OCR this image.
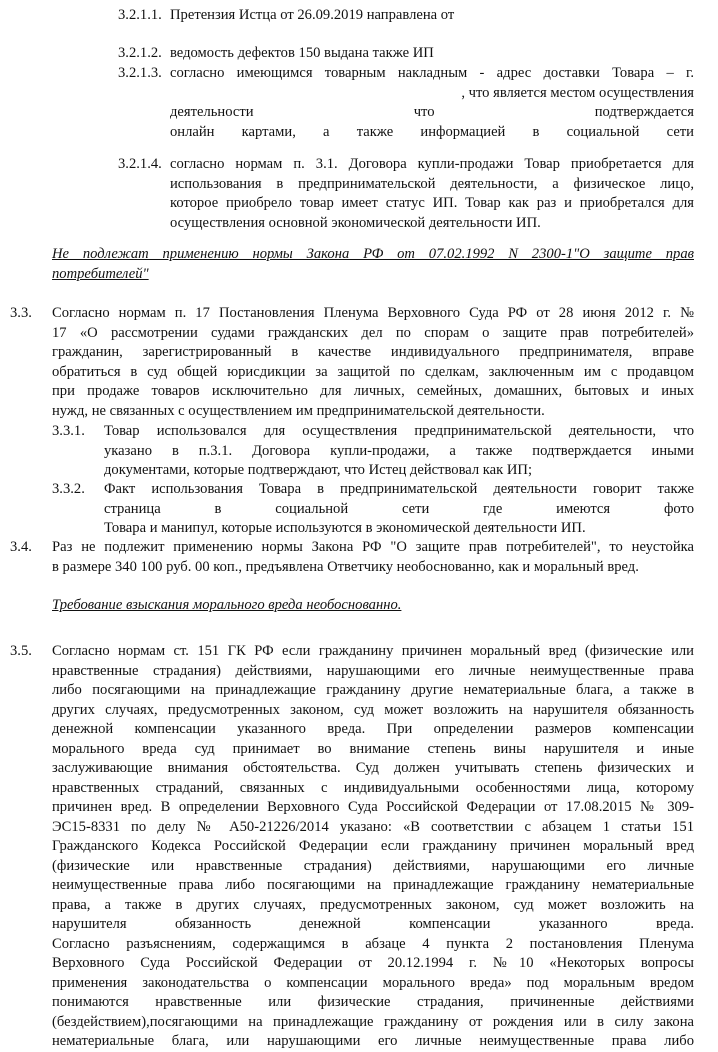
3.2.1.1. Претензия Истца от 26.09.2019 направлена от
3.2.1.2. ведомость дефектов 150 выдана также ИП
3.2.1.3. согласно имеющимся товарным накладным - адрес доставки Товара – г.
, что является местом осуществления
деятельности что подтверждается
онлайн картами, а также информацией в социальной сети
3.2.1.4. согласно нормам п. 3.1. Договора купли-продажи Товар приобретается для
использования в предпринимательской деятельности, а физическое лицо,
которое приобрело товар имеет статус ИП. Товар как раз и приобретался для
осуществления основной экономической деятельности ИП.
Не подлежат применению нормы Закона РФ от 07.02.1992 N 2300-1"О защите прав
потребителей"
3.3. Согласно нормам п. 17 Постановления Пленума Верховного Суда РФ от 28 июня 2012 г. №
17 «О рассмотрении судами гражданских дел по спорам о защите прав потребителей»
гражданин, зарегистрированный в качестве индивидуального предпринимателя, вправе
обратиться в суд общей юрисдикции за защитой по сделкам, заключенным им с продавцом
при продаже товаров исключительно для личных, семейных, домашних, бытовых и иных
нужд, не связанных с осуществлением им предпринимательской деятельности.
3.3.1. Товар использовался для осуществления предпринимательской деятельности, что
указано в п.3.1. Договора купли-продажи, а также подтверждается иными
документами, которые подтверждают, что Истец действовал как ИП;
3.3.2. Факт использования Товара в предпринимательской деятельности говорит также
страница в социальной сети где имеются фото
Товара и манипул, которые используются в экономической деятельности ИП.
3.4. Раз не подлежит применению нормы Закона РФ "О защите прав потребителей", то неустойка
в размере 340 100 руб. 00 коп., предъявлена Ответчику необоснованно, как и моральный вред.
Требование взыскания морального вреда необоснованно.
3.5. Согласно нормам ст. 151 ГК РФ если гражданину причинен моральный вред (физические или
нравственные страдания) действиями, нарушающими его личные неимущественные права
либо посягающими на принадлежащие гражданину другие нематериальные блага, а также в
других случаях, предусмотренных законом, суд может возложить на нарушителя обязанность
денежной компенсации указанного вреда. При определении размеров компенсации
морального вреда суд принимает во внимание степень вины нарушителя и иные
заслуживающие внимания обстоятельства. Суд должен учитывать степень физических и
нравственных страданий, связанных с индивидуальными особенностями лица, которому
причинен вред. В определении Верховного Суда Российской Федерации от 17.08.2015 № 309-
ЭС15-8331 по делу № А50-21226/2014 указано: «В соответствии с абзацем 1 статьи 151
Гражданского Кодекса Российской Федерации если гражданину причинен моральный вред
(физические или нравственные страдания) действиями, нарушающими его личные
неимущественные права либо посягающими на принадлежащие гражданину нематериальные
права, а также в других случаях, предусмотренных законом, суд может возложить на
нарушителя обязанность денежной компенсации указанного вреда.
Согласно разъяснениям, содержащимся в абзаце 4 пункта 2 постановления Пленума
Верховного Суда Российской Федерации от 20.12.1994 г. №10 «Некоторых вопросы
применения законодательства о компенсации морального вреда» под моральным вредом
понимаются нравственные или физические страдания, причиненные действиями
(бездействием),посягающими на принадлежащие гражданину от рождения или в силу закона
нематериальные блага, или нарушающими его личные неимущественные права либо
